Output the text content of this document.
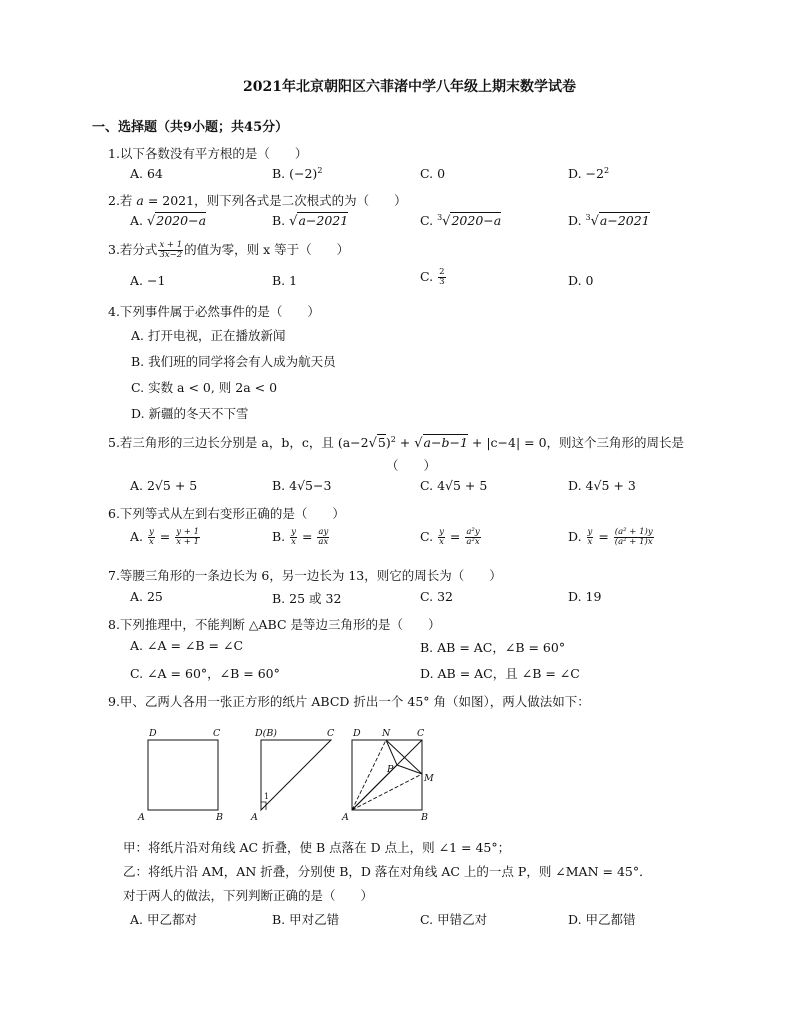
2021年北京朝阳区六菲渚中学八年级上期末数学试卷
一、选择题（共9小题；共45分）
1.以下各数没有平方根的是（　　）
A. 64	B. $(-2)^2$	C. 0	D. $-2^2$
2.若 a = 2021，则下列各式是二次根式的为（　　）
A. √2020−a	B. √a−2021	C. $^3$√2020−a	D. $^3$√a−2021
3.若分式 $\frac{x + 1}{3x-2}$ 的值为零，则 x 等于（　　）
A. −1	B. 1	C. $\frac{2}{3}$	D. 0
4.下列事件属于必然事件的是（　　）
A. 打开电视，正在播放新闻
B. 我们班的同学将会有人成为航天员
C. 实数 a < 0, 则 2a < 0
D. 新疆的冬天不下雪
5.若三角形的三边长分别是 a，b，c，且 $(a-2√5)^2 + √a-b-1 + |c-4| = 0$，则这个三角形的周长是
（　　）
A. 2√5 + 5	B. 4√5−3	C. 4√5 + 5	D. 4√5 + 3
6.下列等式从左到右变形正确的是（　　）
A. $\frac{y}{x} = \frac{y + 1}{x + 1}$	B. $\frac{y}{x} = \frac{ay}{ax}$	C. $\frac{y}{x} = \frac{\text{a²y}}{\text{a²x}}$	D. $\frac{y}{x} = \frac{\text{(a² + 1)y}}{\text{(a² + 1)x}}$
7.等腰三角形的一条边长为 6，另一边长为 13，则它的周长为（　　）
A. 25	B. 25 或 32	C. 32	D. 19
8.下列推理中，不能判断 △ABC 是等边三角形的是（　　）
A. ∠A = ∠B = ∠C	B. AB = AC，∠B = 60°
C. ∠A = 60°，∠B = 60°	D. AB = AC，且 ∠B = ∠C
9.甲、乙两人各用一张正方形的纸片 ABCD 折出一个 45° 角（如图），两人做法如下：
D	C
A	B
D(B)	C
A
1
D N	C
P
M
A	B
甲：将纸片沿对角线 AC 折叠，使 B 点落在 D 点上，则 ∠1 = 45°；
乙：将纸片沿 AM，AN 折叠，分别使 B，D 落在对角线 AC 上的一点 P，则 ∠MAN = 45°．
对于两人的做法，下列判断正确的是（　　）
A. 甲乙都对	B. 甲对乙错	C. 甲错乙对	D. 甲乙都错
